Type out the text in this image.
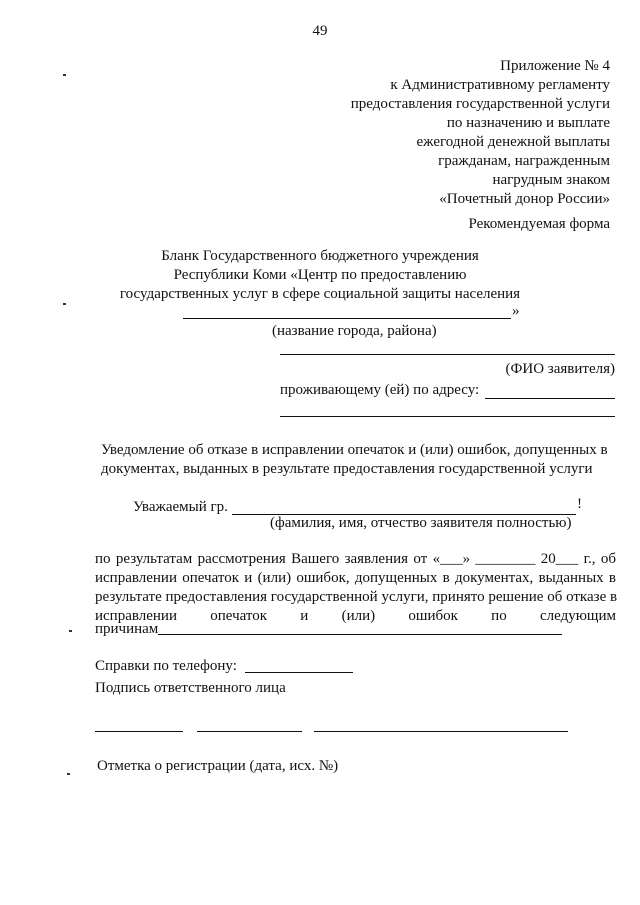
49
Приложение № 4
к Административному регламенту
предоставления государственной услуги
по назначению и выплате
ежегодной денежной выплаты
гражданам, награжденным
нагрудным знаком
«Почетный донор России»
Рекомендуемая форма
Бланк Государственного бюджетного учреждения
Республики Коми «Центр по предоставлению
государственных услуг в сфере социальной защиты населения
»
(название города, района)
(ФИО заявителя)
проживающему (ей) по адресу:
Уведомление об отказе в исправлении опечаток и (или) ошибок, допущенных в
документах, выданных в результате предоставления государственной услуги
Уважаемый гр.	!
(фамилия, имя, отчество заявителя полностью)
по результатам рассмотрения Вашего заявления от «___» ________ 20___ г., об
исправлении опечаток и (или) ошибок, допущенных в документах, выданных в
результате предоставления государственной услуги, принято решение об отказе в
исправлении опечаток и (или) ошибок по следующим
причинам
Справки по телефону:
Подпись ответственного лица
Отметка о регистрации (дата, исх. №)
